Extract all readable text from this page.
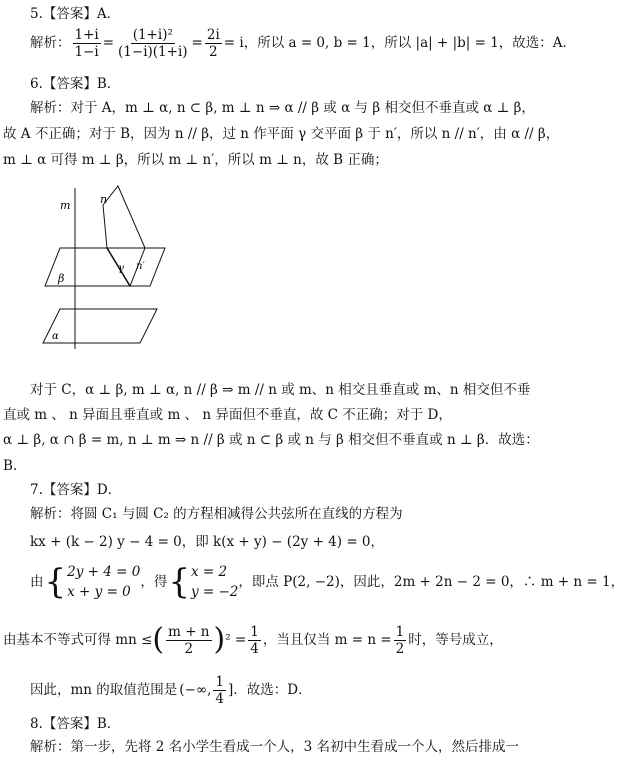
5.【答案】A．
解析： $\frac{1+i}{1-i} = \frac{\text{(1+i)²}}{(1-i)(1+i)} = \frac{2i}{2} = i$，所以 a = 0, b = 1，所以 |a| + |b| = 1，故选：A．
6.【答案】B．
解析：对于 A，m ⊥ α, n ⊂ β, m ⊥ n ⇒ α // β 或 α 与 β 相交但不垂直或 α ⊥ β，
故 A 不正确；对于 B，因为 n // β，过 n 作平面 γ 交平面 β 于 n′，所以 n // n′，由 α // β，
m ⊥ α 可得 m ⊥ β，所以 m ⊥ n′，所以 m ⊥ n，故 B 正确；
m	n
β
γ n′
α
对于 C，α ⊥ β, m ⊥ α, n // β ⇒ m // n 或 m、n 相交且垂直或 m、n 相交但不垂
直或 m 、 n 异面且垂直或 m 、 n 异面但不垂直，故 C 不正确；对于 D，
α ⊥ β, α ∩ β = m, n ⊥ m ⇒ n // β 或 n ⊂ β 或 n 与 β 相交但不垂直或 n ⊥ β．故选：
B.
7.【答案】D．
解析：将圆 C₁ 与圆 C₂ 的方程相减得公共弦所在直线的方程为
kx + (k − 2) y − 4 = 0，即 k(x + y) − (2y + 4) = 0，
由 { 2y + 4 = 0
x + y = 0
，得 { x = 2
y = −2
，即点 P(2, −2)，因此，2m + 2n − 2 = 0，∴ m + n = 1，
由基本不等式可得 mn ≤ ( $\frac{m + n}{2}$ ) $^2 = \frac{1}{4}$ ，当且仅当 $m = n = \frac{1}{2}$ 时，等号成立，
因此，mn 的取值范围是 (−∞, $\frac{1}{4}$ ] ．故选：D．
8.【答案】B．
解析：第一步，先将 2 名小学生看成一个人，3 名初中生看成一个人，然后排成一
